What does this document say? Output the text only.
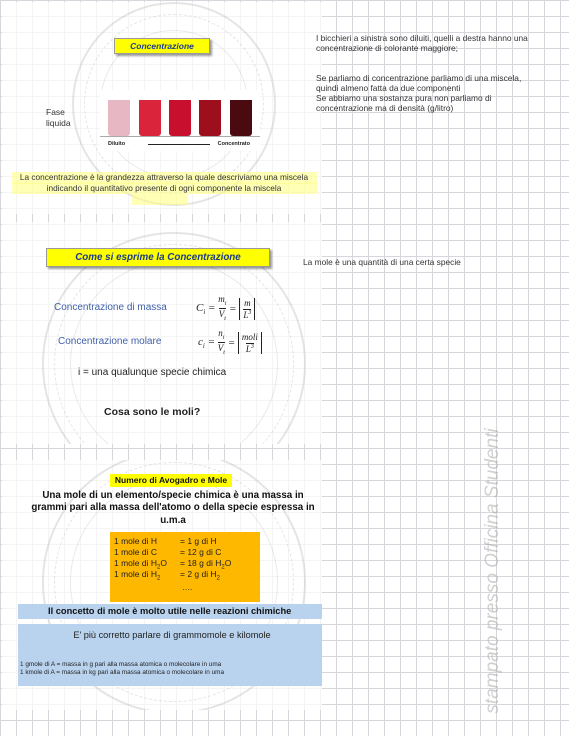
Concentrazione
Fase liquida
Diluito	Concentrato
La concentrazione è la grandezza attraverso la quale descriviamo una miscela indicando il quantitativo presente di ogni componente la miscela
I bicchieri a sinistra sono diluiti, quelli a destra hanno una concentrazione di colorante maggiore;
Se parliamo di concentrazione parliamo di una miscela, quindi almeno fatta da due componenti
Se abbiamo una sostanza pura non parliamo di concentrazione ma di densità (g/litro)
Come si esprime la Concentrazione
Concentrazione di massa	$C_i = m_i$
$V_t = m$
$L^3$
Concentrazione molare	$c_i = n_i$
$V_t$ = moli
$L^3$
i = una qualunque specie chimica
Cosa sono le moli?
La mole è una quantità di una certa specie
Numero di Avogadro e Mole
Una mole di un elemento/specie chimica è una massa in grammi pari alla massa dell'atomo o della specie espressa in u.m.a
1 mole di H	= 1 g di H
1 mole di C	= 12 g di C
1 mole di $H_2O = 18$ g di $H_2O$
1 mole di $H_2 = 2$ g di $H_2$
….
Il concetto di mole è molto utile nelle reazioni chimiche
E' più corretto parlare di grammomole e kilomole
1 gmole di A = massa in g pari alla massa atomica o molecolare in uma
1 kmole di A = massa in kg pari alla massa atomica o molecolare in uma	stampato presso Officina Studenti
